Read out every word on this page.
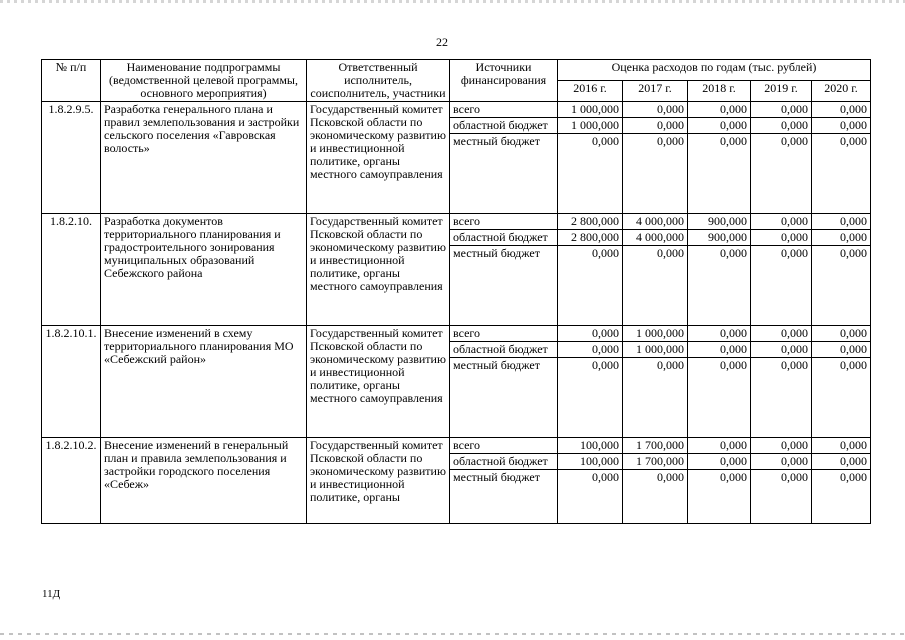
22
№ п/п	Наименование подпрограммы (ведомственной целевой программы, основного мероприятия)	Ответственный исполнитель, соисполнитель, участники	Источники финансирования	Оценка расходов по годам (тыс. рублей)				
				2016 г.	2017 г.	2018 г.	2019 г.	2020 г.
1.8.2.9.5.	Разработка генерального плана и правил землепользования и застройки сельского поселения «Гавровская волость»	Государственный комитет Псковской области по экономическому развитию и инвестиционной политике, органы местного самоуправления	всего	1 000,000	0,000	0,000	0,000	0,000
			областной бюджет	1 000,000	0,000	0,000	0,000	0,000
			местный бюджет	0,000	0,000	0,000	0,000	0,000
1.8.2.10.	Разработка документов территориального планирования и градостроительного зонирования муниципальных образований Себежского района	Государственный комитет Псковской области по экономическому развитию и инвестиционной политике, органы местного самоуправления	всего	2 800,000	4 000,000	900,000	0,000	0,000
			областной бюджет	2 800,000	4 000,000	900,000	0,000	0,000
			местный бюджет	0,000	0,000	0,000	0,000	0,000
1.8.2.10.1.	Внесение изменений в схему территориального планирования МО «Себежский район»	Государственный комитет Псковской области по экономическому развитию и инвестиционной политике, органы местного самоуправления	всего	0,000	1 000,000	0,000	0,000	0,000
			областной бюджет	0,000	1 000,000	0,000	0,000	0,000
			местный бюджет	0,000	0,000	0,000	0,000	0,000
1.8.2.10.2.	Внесение изменений в генеральный план и правила землепользования и застройки городского поселения «Себеж»	Государственный комитет Псковской области по экономическому развитию и инвестиционной политике, органы	всего	100,000	1 700,000	0,000	0,000	0,000
			областной бюджет	100,000	1 700,000	0,000	0,000	0,000
			местный бюджет	0,000	0,000	0,000	0,000	0,000
11Д
